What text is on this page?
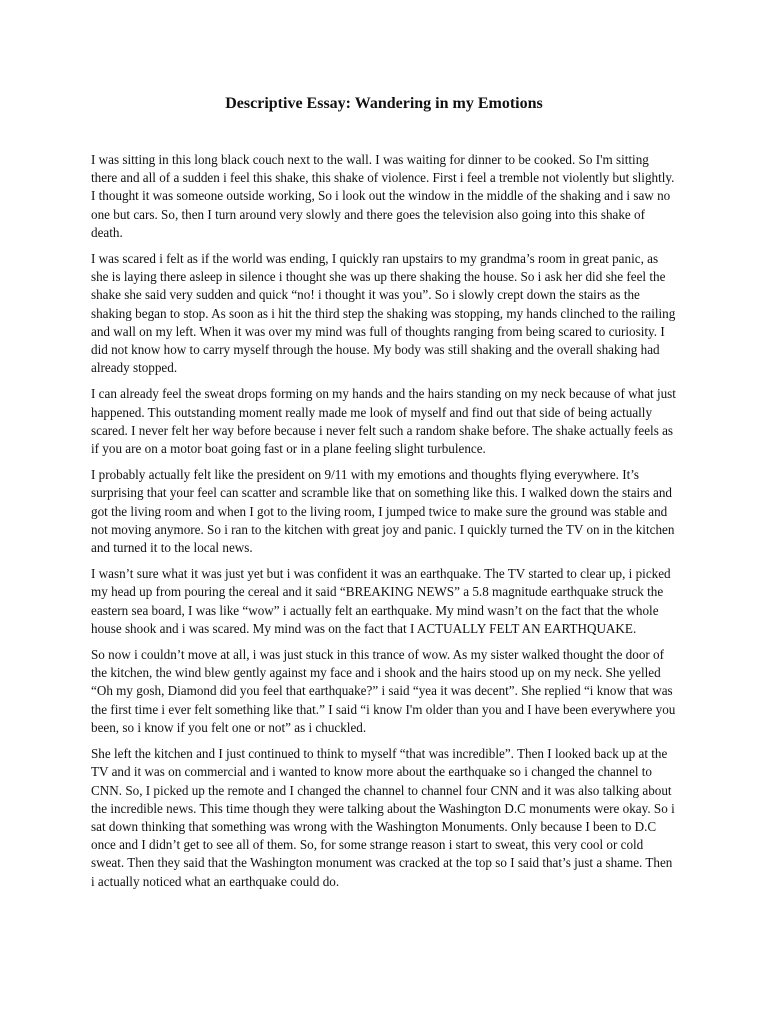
Descriptive Essay: Wandering in my Emotions

I was sitting in this long black couch next to the wall. I was waiting for dinner to be cooked. So I'm sitting there and all of a sudden i feel this shake, this shake of violence. First i feel a tremble not violently but slightly. I thought it was someone outside working, So i look out the window in the middle of the shaking and i saw no one but cars. So, then I turn around very slowly and there goes the television also going into this shake of death.

I was scared i felt as if the world was ending, I quickly ran upstairs to my grandma’s room in great panic, as she is laying there asleep in silence i thought she was up there shaking the house. So i ask her did she feel the shake she said very sudden and quick “no! i thought it was you”. So i slowly crept down the stairs as the shaking began to stop. As soon as i hit the third step the shaking was stopping, my hands clinched to the railing and wall on my left. When it was over my mind was full of thoughts ranging from being scared to curiosity. I did not know how to carry myself through the house. My body was still shaking and the overall shaking had already stopped.

I can already feel the sweat drops forming on my hands and the hairs standing on my neck because of what just happened. This outstanding moment really made me look of myself and find out that side of being actually scared. I never felt her way before because i never felt such a random shake before. The shake actually feels as if you are on a motor boat going fast or in a plane feeling slight turbulence.

I probably actually felt like the president on 9/11 with my emotions and thoughts flying everywhere. It’s surprising that your feel can scatter and scramble like that on something like this. I walked down the stairs and got the living room and when I got to the living room, I jumped twice to make sure the ground was stable and not moving anymore. So i ran to the kitchen with great joy and panic. I quickly turned the TV on in the kitchen and turned it to the local news.

I wasn’t sure what it was just yet but i was confident it was an earthquake. The TV started to clear up, i picked my head up from pouring the cereal and it said “BREAKING NEWS” a 5.8 magnitude earthquake struck the eastern sea board, I was like “wow” i actually felt an earthquake. My mind wasn’t on the fact that the whole house shook and i was scared. My mind was on the fact that I ACTUALLY FELT AN EARTHQUAKE.

So now i couldn’t move at all, i was just stuck in this trance of wow. As my sister walked thought the door of the kitchen, the wind blew gently against my face and i shook and the hairs stood up on my neck. She yelled “Oh my gosh, Diamond did you feel that earthquake?” i said “yea it was decent”. She replied “i know that was the first time i ever felt something like that.” I said “i know I'm older than you and I have been everywhere you been, so i know if you felt one or not” as i chuckled.

She left the kitchen and I just continued to think to myself “that was incredible”. Then I looked back up at the TV and it was on commercial and i wanted to know more about the earthquake so i changed the channel to CNN. So, I picked up the remote and I changed the channel to channel four CNN and it was also talking about the incredible news. This time though they were talking about the Washington D.C monuments were okay. So i sat down thinking that something was wrong with the Washington Monuments. Only because I been to D.C once and I didn’t get to see all of them. So, for some strange reason i start to sweat, this very cool or cold sweat. Then they said that the Washington monument was cracked at the top so I said that’s just a shame. Then i actually noticed what an earthquake could do.
